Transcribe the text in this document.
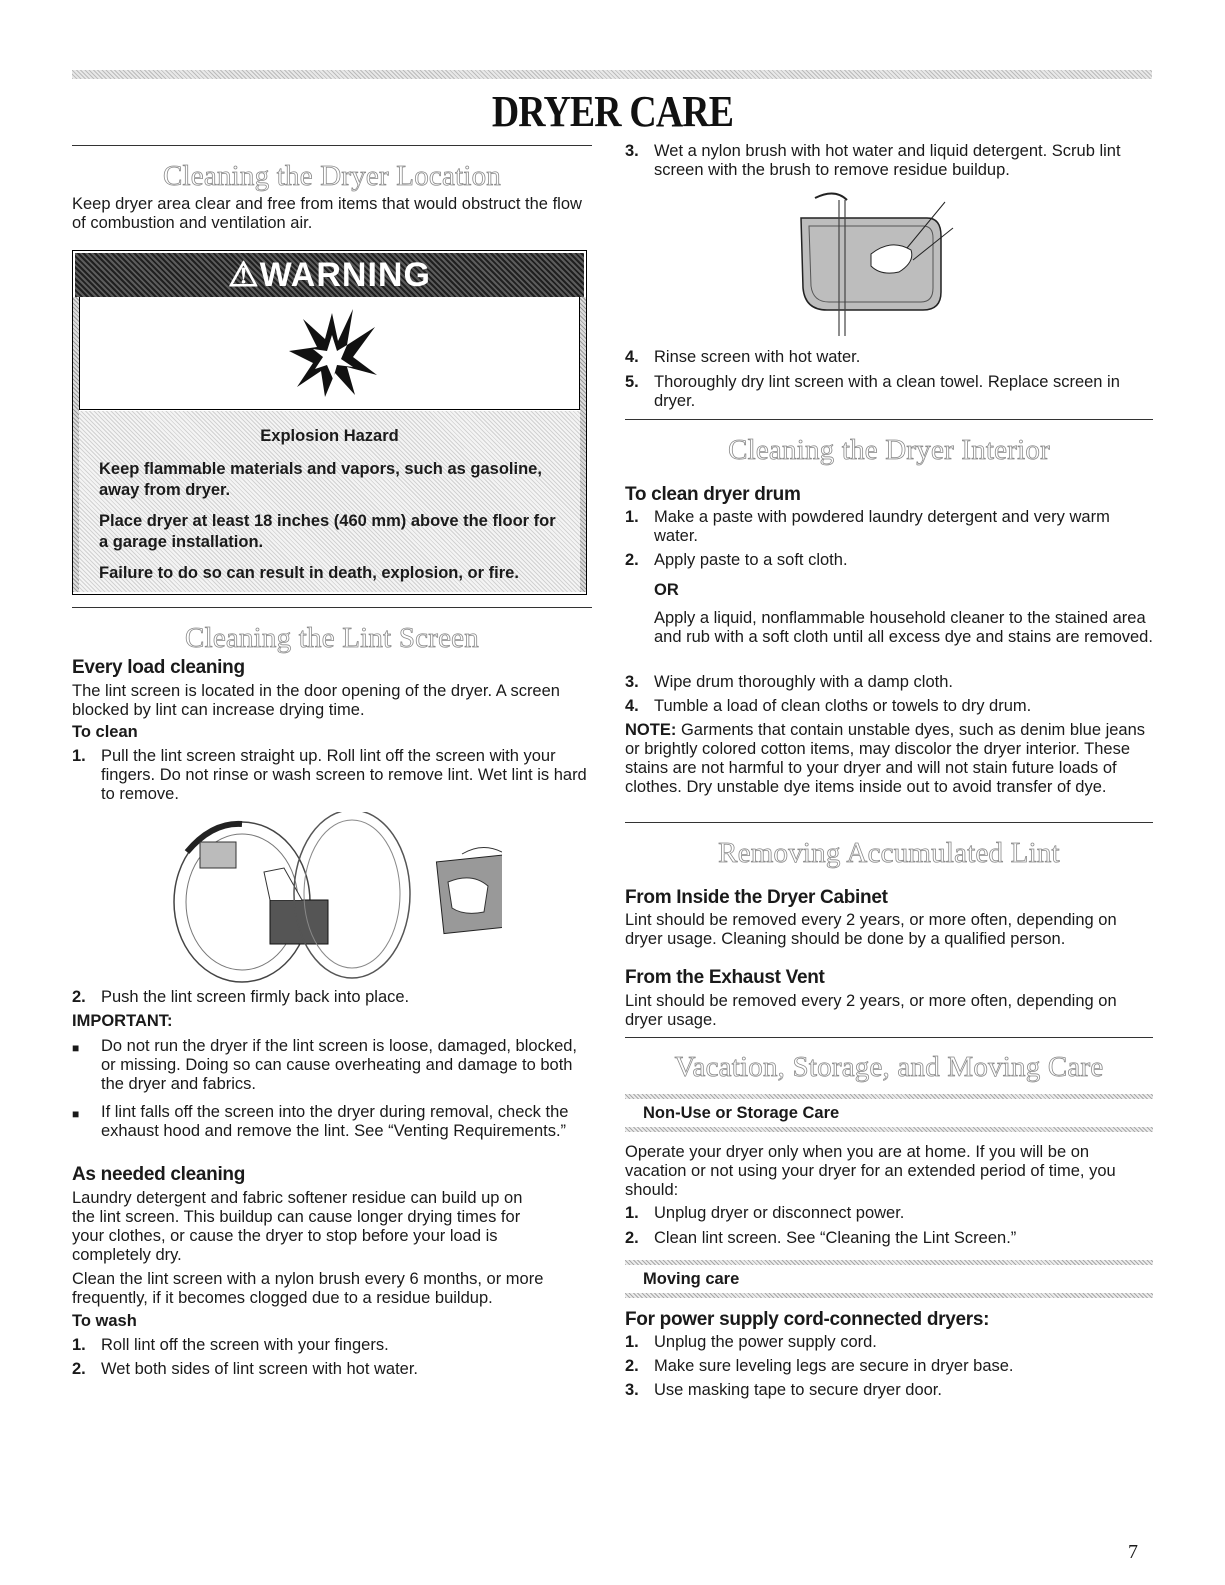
DRYER CARE
Cleaning the Dryer Location

Keep dryer area clear and free from items that would obstruct the flow of combustion and ventilation air.

⚠WARNING

Explosion Hazard

Keep flammable materials and vapors, such as gasoline, away from dryer.

Place dryer at least 18 inches (460 mm) above the floor for a garage installation.

Failure to do so can result in death, explosion, or fire.

Cleaning the Lint Screen

Every load cleaning

The lint screen is located in the door opening of the dryer. A screen blocked by lint can increase drying time.

To clean

1. Pull the lint screen straight up. Roll lint off the screen with your fingers. Do not rinse or wash screen to remove lint. Wet lint is hard to remove.
2. Push the lint screen firmly back into place.

IMPORTANT:

■ Do not run the dryer if the lint screen is loose, damaged, blocked, or missing. Doing so can cause overheating and damage to both the dryer and fabrics.
■ If lint falls off the screen into the dryer during removal, check the exhaust hood and remove the lint. See “Venting Requirements.”

As needed cleaning

Laundry detergent and fabric softener residue can build up on the lint screen. This buildup can cause longer drying times for your clothes, or cause the dryer to stop before your load is completely dry.

Clean the lint screen with a nylon brush every 6 months, or more frequently, if it becomes clogged due to a residue buildup.

To wash

1. Roll lint off the screen with your fingers.
2. Wet both sides of lint screen with hot water.
3. Wet a nylon brush with hot water and liquid detergent. Scrub lint screen with the brush to remove residue buildup.
4. Rinse screen with hot water.
5. Thoroughly dry lint screen with a clean towel. Replace screen in dryer.
Cleaning the Dryer Interior

To clean dryer drum

1. Make a paste with powdered laundry detergent and very warm water.
2. Apply paste to a soft cloth.

OR

Apply a liquid, nonflammable household cleaner to the stained area and rub with a soft cloth until all excess dye and stains are removed.

3. Wipe drum thoroughly with a damp cloth.
4. Tumble a load of clean cloths or towels to dry drum.

NOTE: Garments that contain unstable dyes, such as denim blue jeans or brightly colored cotton items, may discolor the dryer interior. These stains are not harmful to your dryer and will not stain future loads of clothes. Dry unstable dye items inside out to avoid transfer of dye.

Removing Accumulated Lint

From Inside the Dryer Cabinet

Lint should be removed every 2 years, or more often, depending on dryer usage. Cleaning should be done by a qualified person.

From the Exhaust Vent

Lint should be removed every 2 years, or more often, depending on dryer usage.

Vacation, Storage, and Moving Care

Non-Use or Storage Care

Operate your dryer only when you are at home. If you will be on vacation or not using your dryer for an extended period of time, you should:

1. Unplug dryer or disconnect power.
2. Clean lint screen. See “Cleaning the Lint Screen.”

Moving care

For power supply cord-connected dryers:

1. Unplug the power supply cord.
2. Make sure leveling legs are secure in dryer base.
3. Use masking tape to secure dryer door.
7
